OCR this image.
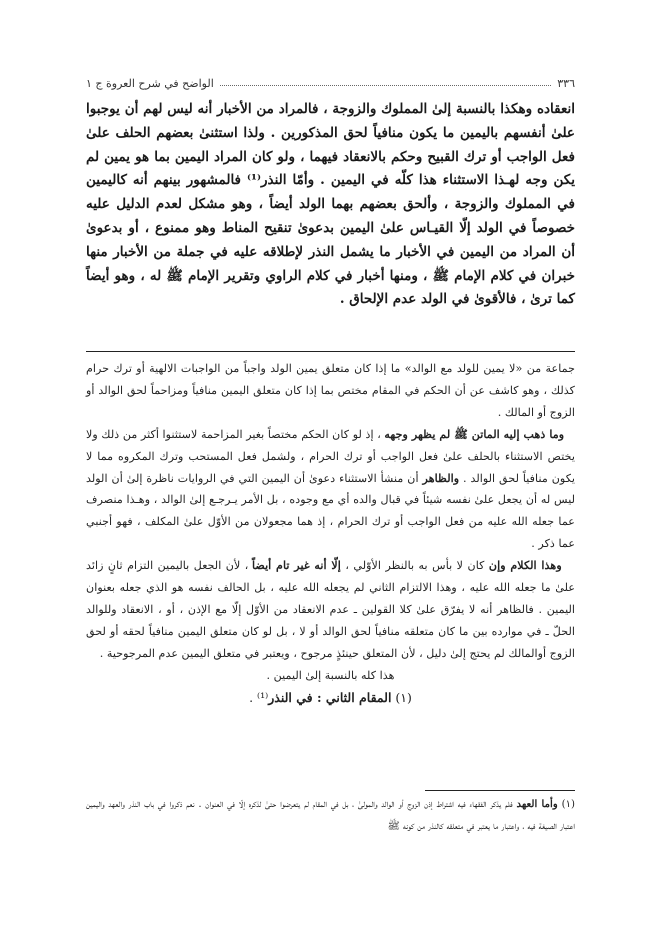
٣٣٦
الواضح في شرح العروة ج ١

انعقاده وهكذا بالنسبة إلىٰ المملوك والزوجة ، فالمراد من الأخبار أنه ليس لهم أن يوجبوا علىٰ أنفسهم باليمين ما يكون منافياً لحق المذكورين . ولذا استثنىٰ بعضهم الحلف علىٰ فعل الواجب أو ترك القبيح وحكم بالانعقاد فيهما ، ولو كان المراد اليمين بما هو يمين لم يكن وجه لهـذا الاستثناء هذا كلّه في اليمين . وأمّا النذر⁽¹⁾ فالمشهور بينهم أنه كاليمين في المملوك والزوجة ، وألحق بعضهم بهما الولد أيضاً ، وهو مشكل لعدم الدليل عليه خصوصاً في الولد إلّا القيـاس علىٰ اليمين بدعوىٰ تنقيح المناط وهو ممنوع ، أو بدعوىٰ أن المراد من اليمين في الأخبار ما يشمل النذر لإطلاقه عليه في جملة من الأخبار منها خبران في كلام الإمام ﷺ ، ومنها أخبار في كلام الراوي وتقرير الإمام ﷺ له ، وهو أيضاً كما ترىٰ ، فالأقوىٰ في الولد عدم الإلحاق .

جماعة من «لا يمين للولد مع الوالد» ما إذا كان متعلق يمين الولد واجباً من الواجبات الالهية أو ترك حرام كذلك ، وهو كاشف عن أن الحكم في المقام مختص بما إذا كان متعلق اليمين منافياً ومزاحماً لحق الوالد أو الزوج أو المالك .

وما ذهب إليه الماتن ﷺ لم يظهر وجهه ، إذ لو كان الحكم مختصاً بغير المزاحمة لاستثنوا أكثر من ذلك ولا يختص الاستثناء بالحلف علىٰ فعل الواجب أو ترك الحرام ، ولشمل فعل المستحب وترك المكروه مما لا يكون منافياً لحق الوالد . والظاهر أن منشأ الاستثناء دعوىٰ أن اليمين التي في الروايات ناظرة إلىٰ أن الولد ليس له أن يجعل علىٰ نفسه شيئاً في قبال والده أي مع وجوده ، بل الأمر يـرجـع إلىٰ الوالد ، وهـذا منصرف عما جعله الله عليه من فعل الواجب أو ترك الحرام ، إذ هما مجعولان من الأوّل علىٰ المكلف ، فهو أجنبي عما ذكر .

وهذا الكلام وإن كان لا بأس به بالنظر الأوّلي ، إلّا أنه غير تام أيضاً ، لأن الجعل باليمين التزام ثانٍ زائد علىٰ ما جعله الله عليه ، وهذا الالتزام الثاني لم يجعله الله عليه ، بل الحالف نفسه هو الذي جعله بعنوان اليمين . فالظاهر أنه لا يفرّق علىٰ كلا القولين ـ عدم الانعقاد من الأوّل إلّا مع الإذن ، أو ، الانعقاد وللوالد الحلّ ـ في موارده بين ما كان متعلقه منافياً لحق الوالد أو لا ، بل لو كان متعلق اليمين منافياً لحقه أو لحق الزوج أوالمالك لم يحتج إلىٰ دليل ، لأن المتعلق حينئذٍ مرجوح ، ويعتبر في متعلق اليمين عدم المرجوحية .

هذا كله بالنسبة إلىٰ اليمين .

(١) المقام الثاني : في النذر⁽¹⁾ .

(١) وأما العهد فلم يذكر الفقهاء فيه اشتراط إذن الزوج أو الوالد والمولىٰ ، بل في المقام لم يتعرضوا حتىٰ لذكره إلّا في العنوان . نعم ذكروا في باب النذر والعهد واليمين اعتبار الصيغة فيه ، واعتبار ما يعتبر في متعلقه كالنذر من كونه ﷺ
